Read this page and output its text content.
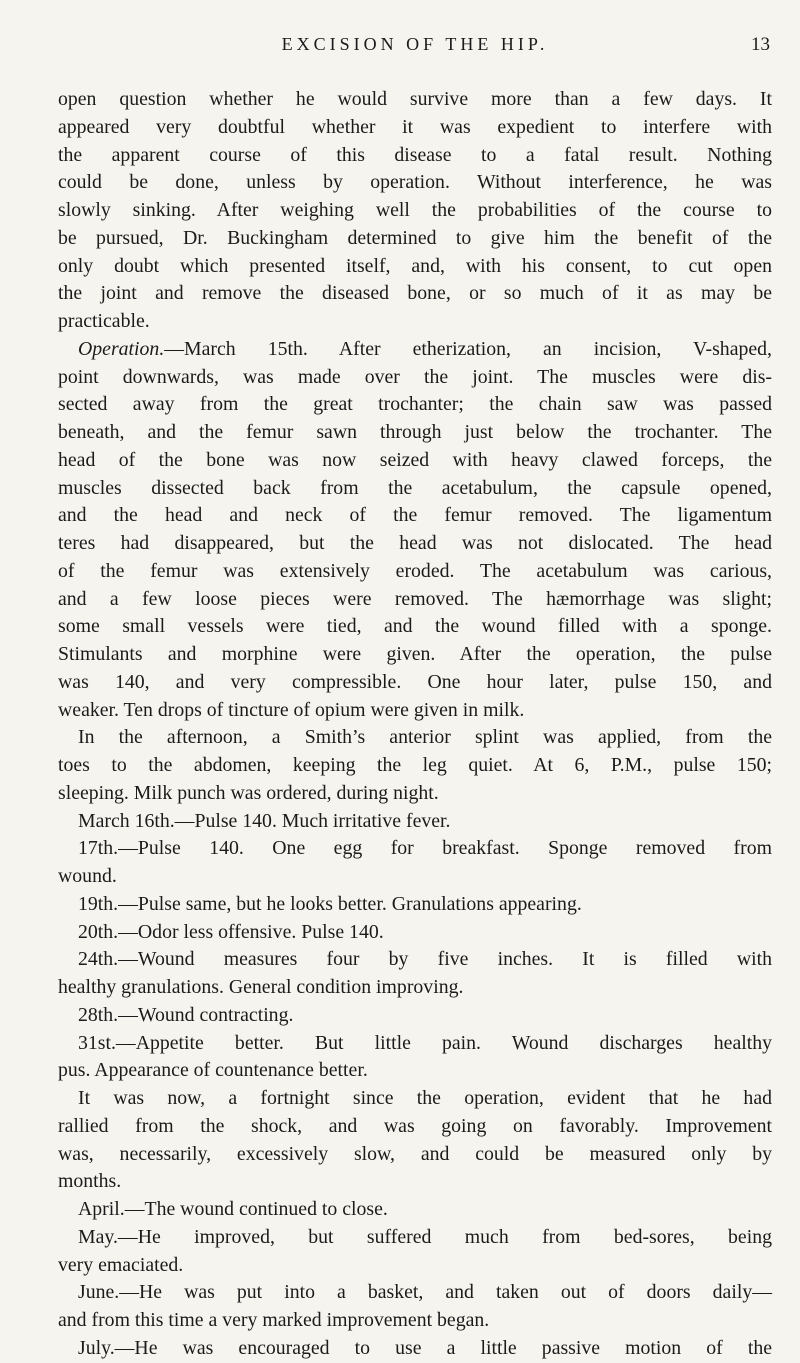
EXCISION OF THE HIP.	13
open question whether he would survive more than a few days. It
appeared very doubtful whether it was expedient to interfere with
the apparent course of this disease to a fatal result. Nothing
could be done, unless by operation. Without interference, he was
slowly sinking. After weighing well the probabilities of the course to
be pursued, Dr. Buckingham determined to give him the benefit of the
only doubt which presented itself, and, with his consent, to cut open
the joint and remove the diseased bone, or so much of it as may be
practicable.
Operation.—March 15th. After etherization, an incision, V-shaped,
point downwards, was made over the joint. The muscles were dis-
sected away from the great trochanter; the chain saw was passed
beneath, and the femur sawn through just below the trochanter. The
head of the bone was now seized with heavy clawed forceps, the
muscles dissected back from the acetabulum, the capsule opened,
and the head and neck of the femur removed. The ligamentum
teres had disappeared, but the head was not dislocated. The head
of the femur was extensively eroded. The acetabulum was carious,
and a few loose pieces were removed. The hæmorrhage was slight;
some small vessels were tied, and the wound filled with a sponge.
Stimulants and morphine were given. After the operation, the pulse
was 140, and very compressible. One hour later, pulse 150, and
weaker. Ten drops of tincture of opium were given in milk.
In the afternoon, a Smith’s anterior splint was applied, from the
toes to the abdomen, keeping the leg quiet. At 6, P.M., pulse 150;
sleeping. Milk punch was ordered, during night.
March 16th.—Pulse 140. Much irritative fever.
17th.—Pulse 140. One egg for breakfast. Sponge removed from
wound.
19th.—Pulse same, but he looks better. Granulations appearing.
20th.—Odor less offensive. Pulse 140.
24th.—Wound measures four by five inches. It is filled with
healthy granulations. General condition improving.
28th.—Wound contracting.
31st.—Appetite better. But little pain. Wound discharges healthy
pus. Appearance of countenance better.
It was now, a fortnight since the operation, evident that he had
rallied from the shock, and was going on favorably. Improvement
was, necessarily, excessively slow, and could be measured only by
months.
April.—The wound continued to close.
May.—He improved, but suffered much from bed-sores, being
very emaciated.
June.—He was put into a basket, and taken out of doors daily—
and from this time a very marked improvement began.
July.—He was encouraged to use a little passive motion of the
